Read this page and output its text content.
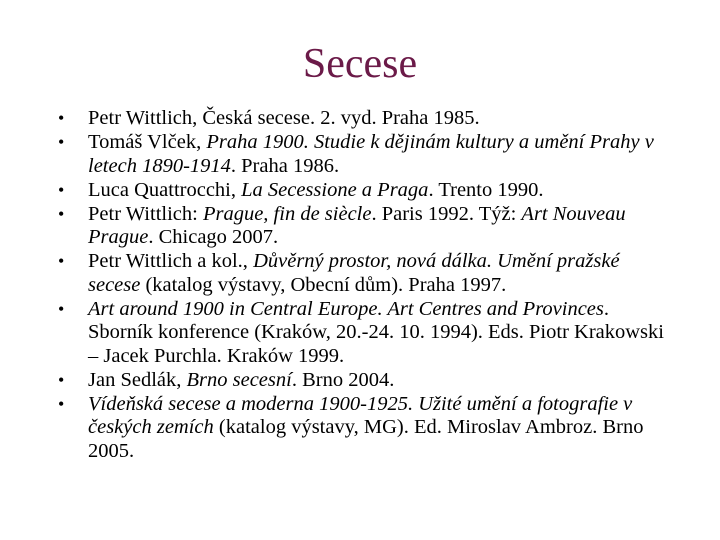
Secese
• Petr Wittlich, Česká secese. 2. vyd. Praha 1985.
• Tomáš Vlček, Praha 1900. Studie k dějinám kultury a umění Prahy v letech 1890-1914. Praha 1986.
• Luca Quattrocchi, La Secessione a Praga. Trento 1990.
• Petr Wittlich: Prague, fin de siècle. Paris 1992. Týž: Art Nouveau Prague. Chicago 2007.
• Petr Wittlich a kol., Důvěrný prostor, nová dálka. Umění pražské secese (katalog výstavy, Obecní dům). Praha 1997.
• Art around 1900 in Central Europe. Art Centres and Provinces. Sborník konference (Kraków, 20.-24. 10. 1994). Eds. Piotr Krakowski – Jacek Purchla. Kraków 1999.
• Jan Sedlák, Brno secesní. Brno 2004.
• Vídeňská secese a moderna 1900-1925. Užité umění a fotografie v českých zemích (katalog výstavy, MG). Ed. Miroslav Ambroz. Brno 2005.
